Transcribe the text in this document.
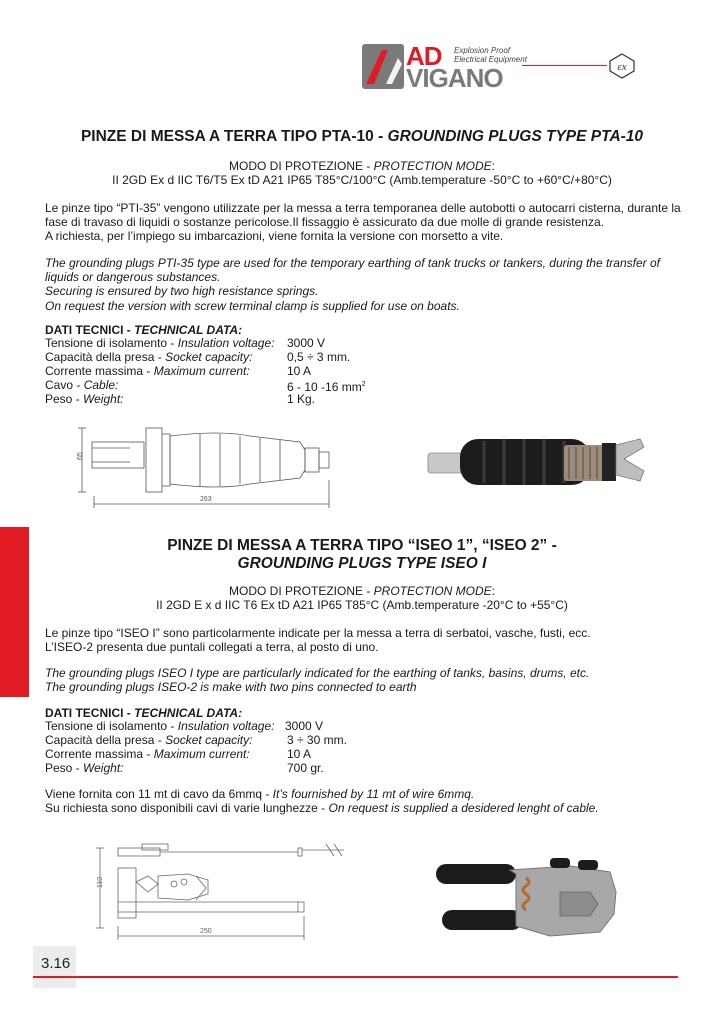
AD
VIGANO
Explosion Proof
Electrical Equipment
εx
PINZE DI MESSA A TERRA TIPO PTA-10 - GROUNDING PLUGS TYPE PTA-10
MODO DI PROTEZIONE - PROTECTION MODE:
II 2GD Ex d IIC T6/T5 Ex tD A21 IP65 T85°C/100°C (Amb.temperature -50°C to +60°C/+80°C)
Le pinze tipo “PTI-35” vengono utilizzate per la messa a terra temporanea delle autobotti o autocarri cisterna, durante la fase di travaso di liquidi o sostanze pericolose.Il fissaggio è assicurato da due molle di grande resistenza.
A richiesta, per l’impiego su imbarcazioni, viene fornita la versione con morsetto a vite.
The grounding plugs PTI-35 type are used for the temporary earthing of tank trucks or tankers, during the transfer of liquids or dangerous substances.
Securing is ensured by two high resistance springs.
On request the version with screw terminal clamp is supplied for use on boats.
DATI TECNICI - TECHNICAL DATA:
Tensione di isolamento - Insulation voltage: 3000 V
Capacità della presa - Socket capacity:	0,5 ÷ 3 mm.
Corrente massima - Maximum current:	10 A
Cavo - Cable:	6 - 10 -16 $mm^2$
Peso - Weight:	1 Kg.
65
263
PINZE DI MESSA A TERRA TIPO “ISEO 1”, “ISEO 2” -
GROUNDING PLUGS TYPE ISEO I
MODO DI PROTEZIONE - PROTECTION MODE:
II 2GD E x d IIC T6 Ex tD A21 IP65 T85°C (Amb.temperature -20°C to +55°C)
Le pinze tipo “ISEO I” sono particolarmente indicate per la messa a terra di serbatoi, vasche, fusti, ecc.
L’ISEO-2 presenta due puntali collegati a terra, al posto di uno.
The grounding plugs ISEO I type are particularly indicated for the earthing of tanks, basins, drums, etc.
The grounding plugs ISEO-2 is make with two pins connected to earth
DATI TECNICI - TECHNICAL DATA:
Tensione di isolamento - Insulation voltage: 3000 V
Capacità della presa - Socket capacity:	3 ÷ 30 mm.
Corrente massima - Maximum current:	10 A
Peso - Weight:	700 gr.
Viene fornita con 11 mt di cavo da 6mmq - It’s fournished by 11 mt of wire 6mmq.
Su richiesta sono disponibili cavi di varie lunghezze - On request is supplied a desidered lenght of cable.
110
250
3.16
